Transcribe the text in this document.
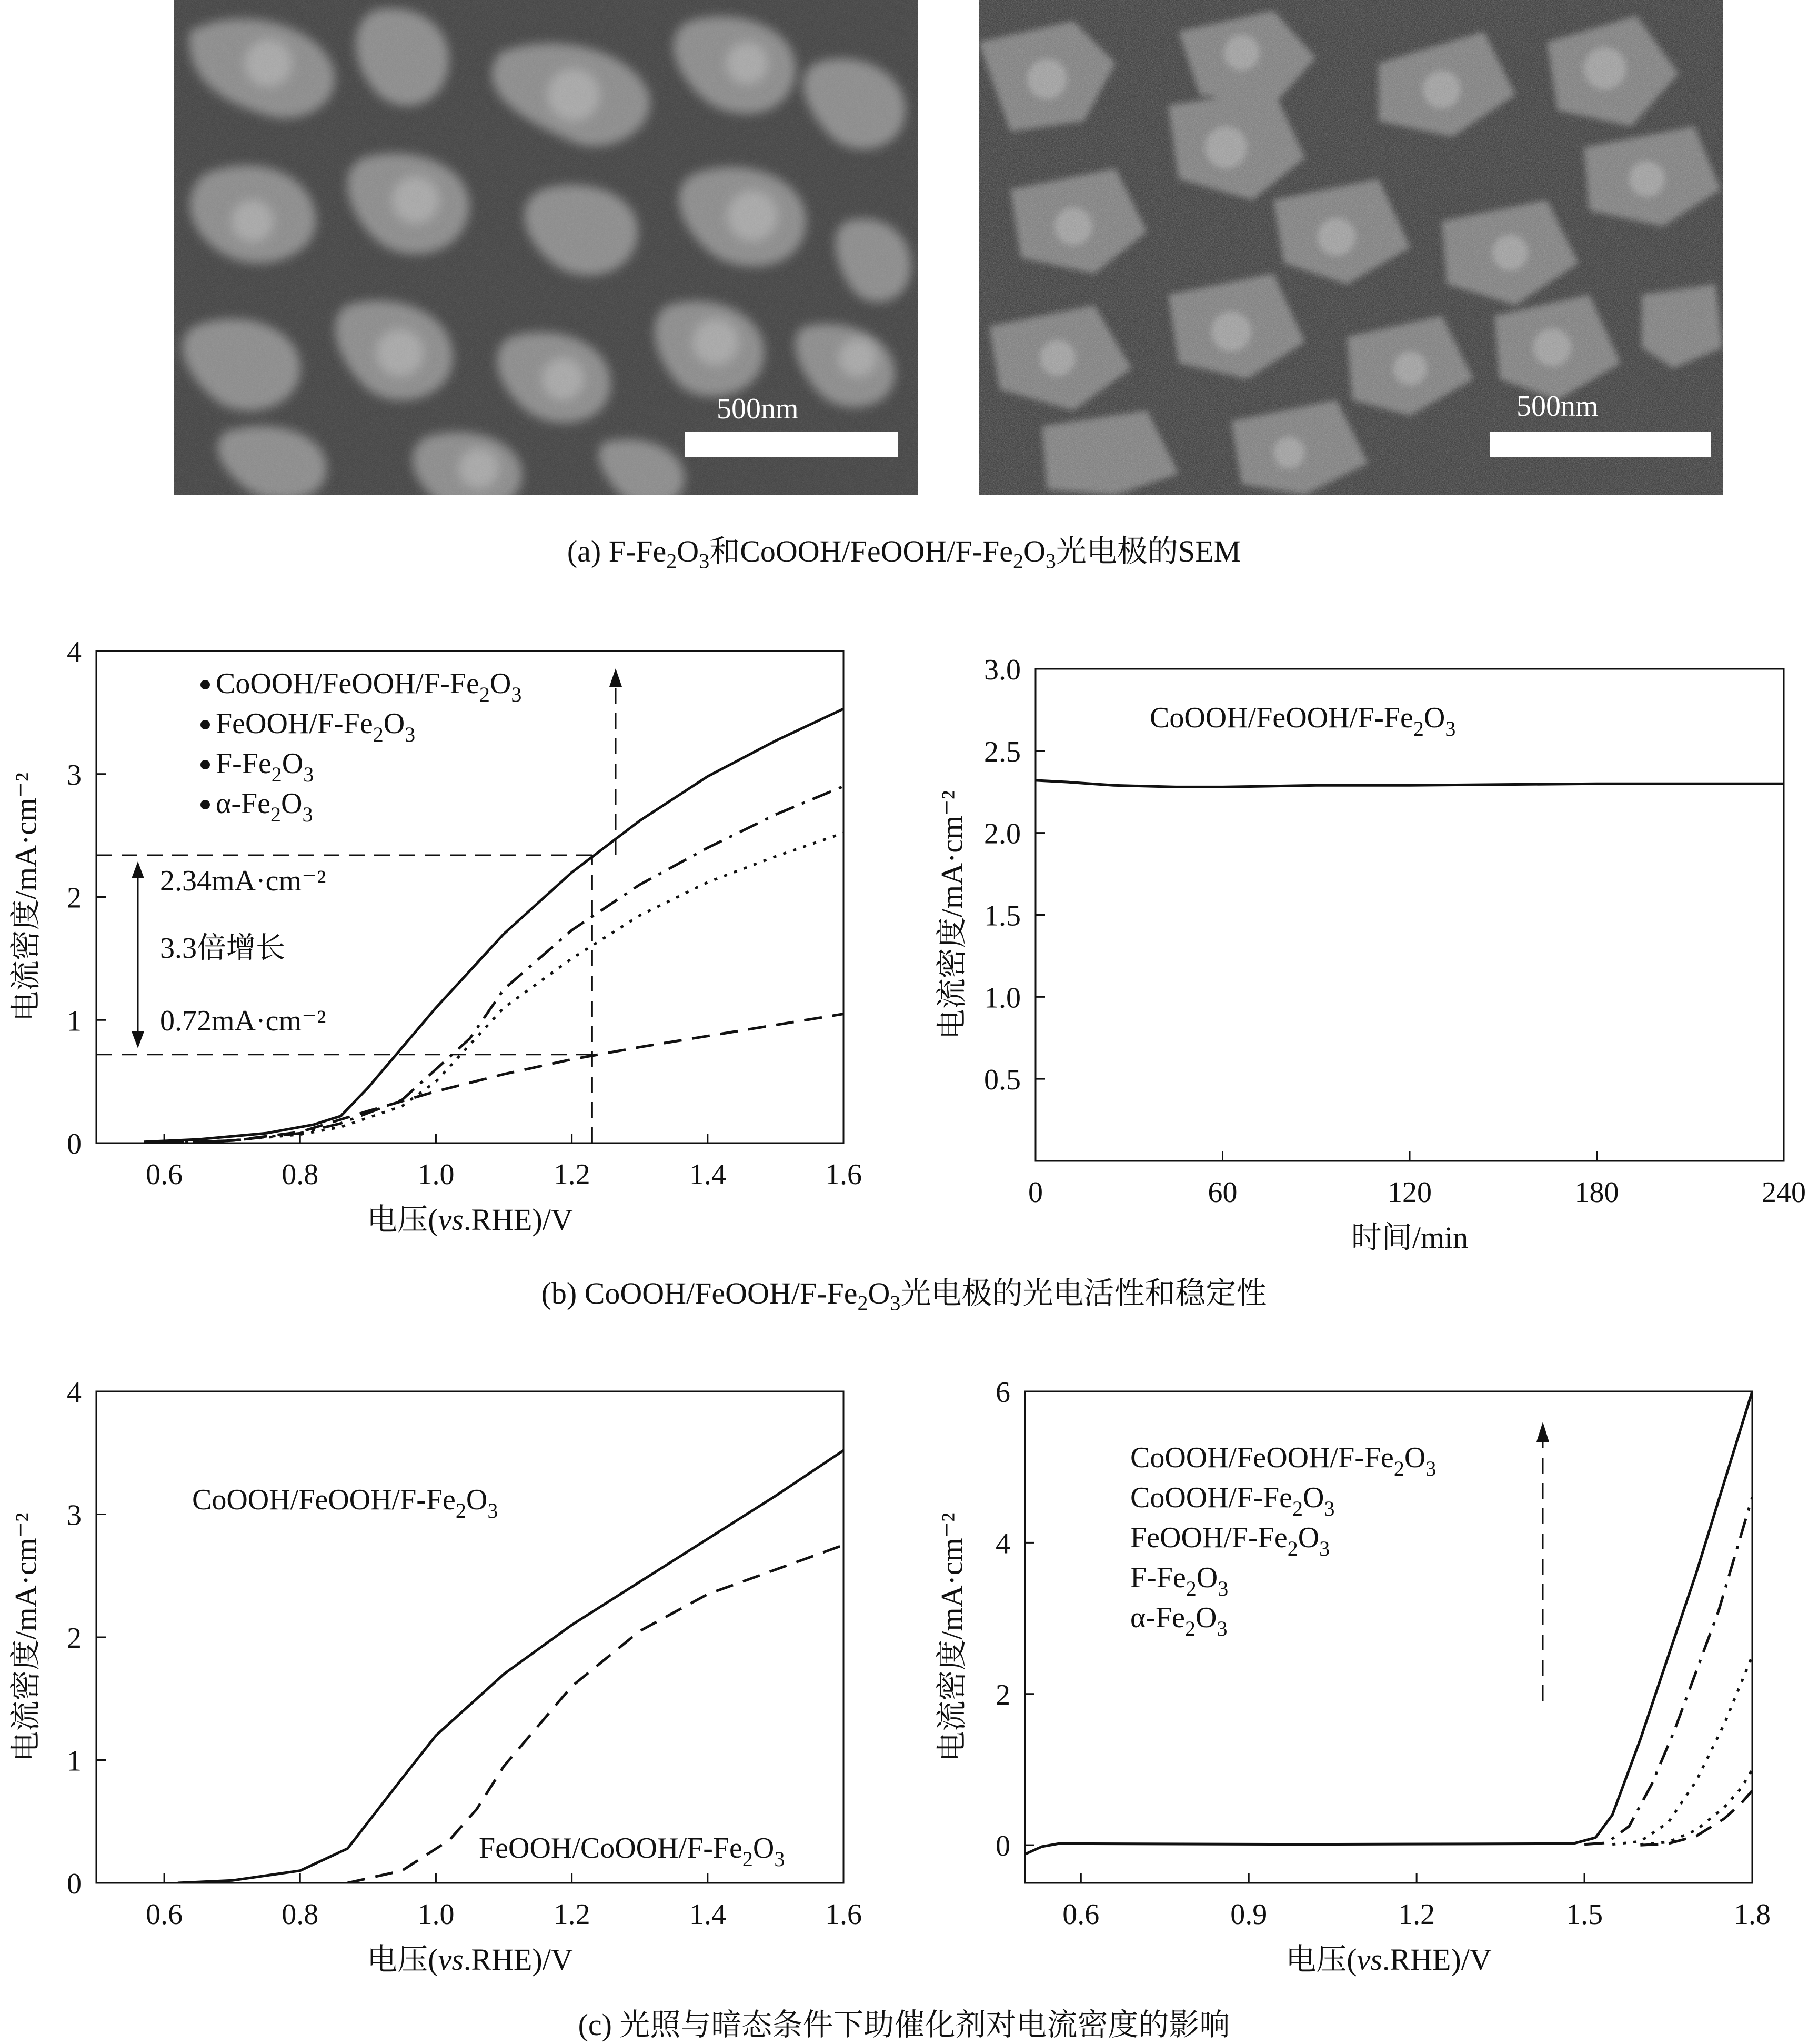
500nm	500nm
(a) $F-Fe_2O_3$和CoOOH/$FeOOH/F-Fe_2O_3$光电极的SEM
(b) CoOOH/$FeOOH/F-Fe_2O_3$光电极的光电活性和稳定性
(c) 光照与暗态条件下助催化剂对电流密度的影响
0.6	0.8	1.0	1.2	1.4	1.6
0
1
2
3
4
电压(vs.RHE)/V
电流密度/mA·cm⁻²
CoOOH/$FeOOH/F-Fe_2O_3$
FeOOH/$F-Fe_2O_3$
$F-Fe_2O_3$
$\alpha-Fe_2O_3$
2.34mA·cm⁻²
3.3倍增长
0.72mA·cm⁻²
0	60	120	180	240
0.5
1.0
1.5
2.0
2.5
3.0
时间/min
电流密度/mA·cm⁻²
CoOOH/$FeOOH/F-Fe_2O_3$
0.6	0.8	1.0	1.2	1.4	1.6
0
1
2
3
4
电压(vs.RHE)/V
电流密度/mA·cm⁻²
CoOOH/$FeOOH/F-Fe_2O_3$
FeOOH/$CoOOH/F-Fe_2O_3$
0.6	0.9	1.2	1.5	1.8
0
2
4
6
电压(vs.RHE)/V
电流密度/mA·cm⁻²
CoOOH/$FeOOH/F-Fe_2O_3$
CoOOH/$F-Fe_2O_3$
FeOOH/$F-Fe_2O_3$
$F-Fe_2O_3$
$\alpha-Fe_2O_3$
